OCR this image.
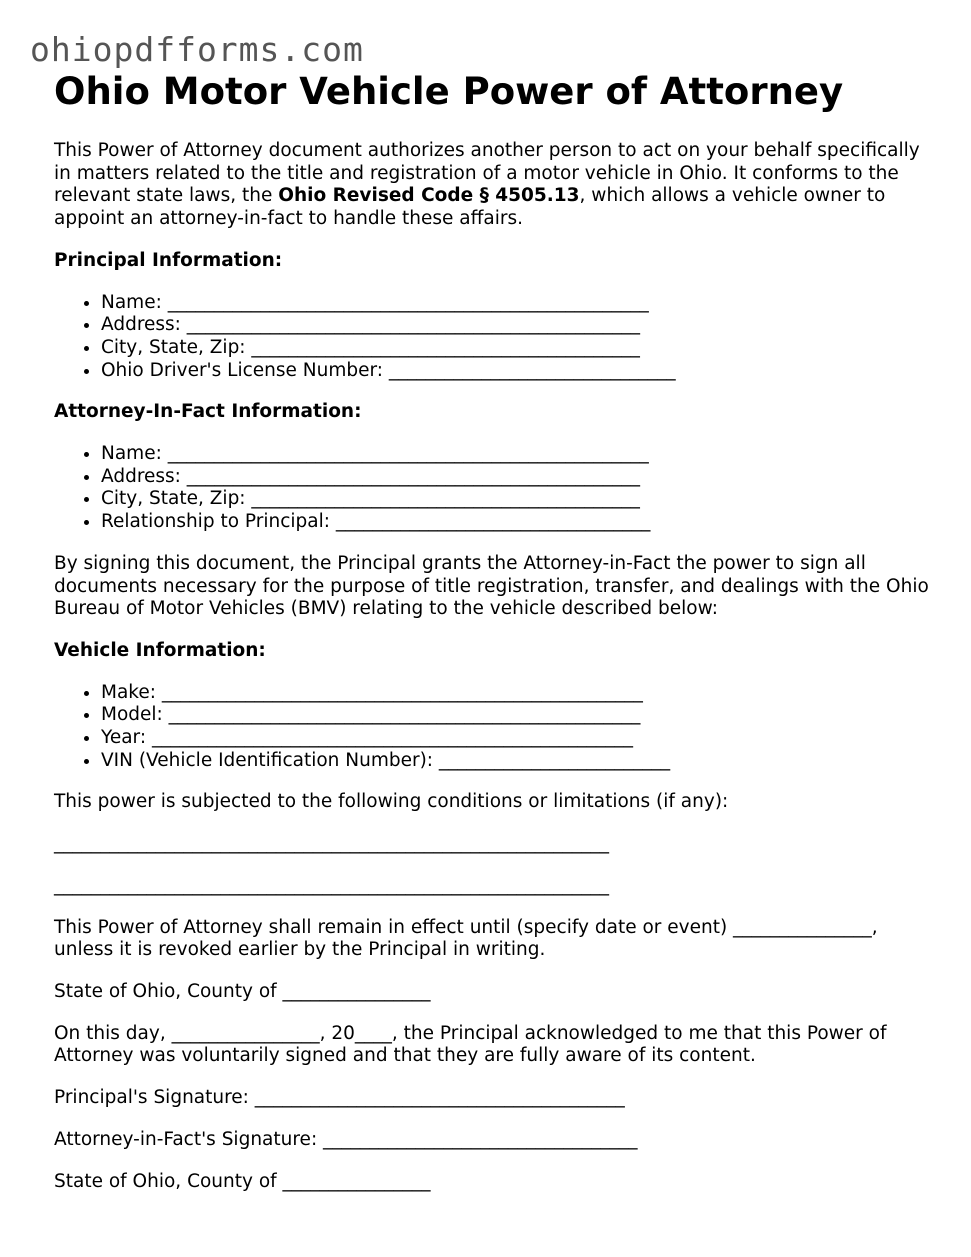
ohiopdfforms.com
Ohio Motor Vehicle Power of Attorney

This Power of Attorney document authorizes another person to act on your behalf specifically in matters related to the title and registration of a motor vehicle in Ohio. It conforms to the relevant state laws, the Ohio Revised Code § 4505.13, which allows a vehicle owner to appoint an attorney-in-fact to handle these affairs.

Principal Information:

• Name: ____________________________________________________
• Address: _________________________________________________
• City, State, Zip: __________________________________________
• Ohio Driver's License Number: _______________________________

Attorney-In-Fact Information:

• Name: ____________________________________________________
• Address: _________________________________________________
• City, State, Zip: __________________________________________
• Relationship to Principal: __________________________________

By signing this document, the Principal grants the Attorney-in-Fact the power to sign all documents necessary for the purpose of title registration, transfer, and dealings with the Ohio Bureau of Motor Vehicles (BMV) relating to the vehicle described below:

Vehicle Information:

• Make: ____________________________________________________
• Model: ___________________________________________________
• Year: ____________________________________________________
• VIN (Vehicle Identification Number): _________________________

This power is subjected to the following conditions or limitations (if any):

____________________________________________________________

____________________________________________________________

This Power of Attorney shall remain in effect until (specify date or event) _______________, unless it is revoked earlier by the Principal in writing.

State of Ohio, County of ________________

On this day, ________________, 20____, the Principal acknowledged to me that this Power of Attorney was voluntarily signed and that they are fully aware of its content.

Principal's Signature: ________________________________________

Attorney-in-Fact's Signature: __________________________________

State of Ohio, County of ________________
